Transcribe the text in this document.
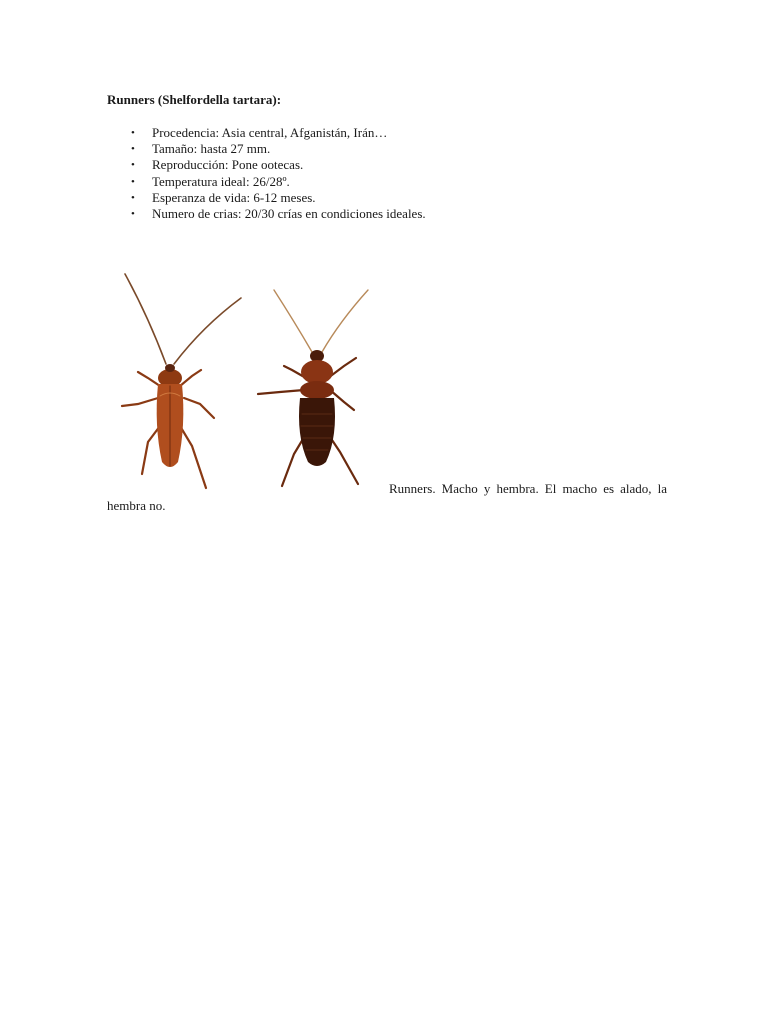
Runners (Shelfordella tartara):
• Procedencia: Asia central, Afganistán, Irán…
• Tamaño: hasta 27 mm.
• Reproducción: Pone ootecas.
• Temperatura ideal: 26/28º.
• Esperanza de vida: 6-12 meses.
• Numero de crias: 20/30 crías en condiciones ideales.

Runners. Macho y hembra. El macho es alado, la hembra no.
